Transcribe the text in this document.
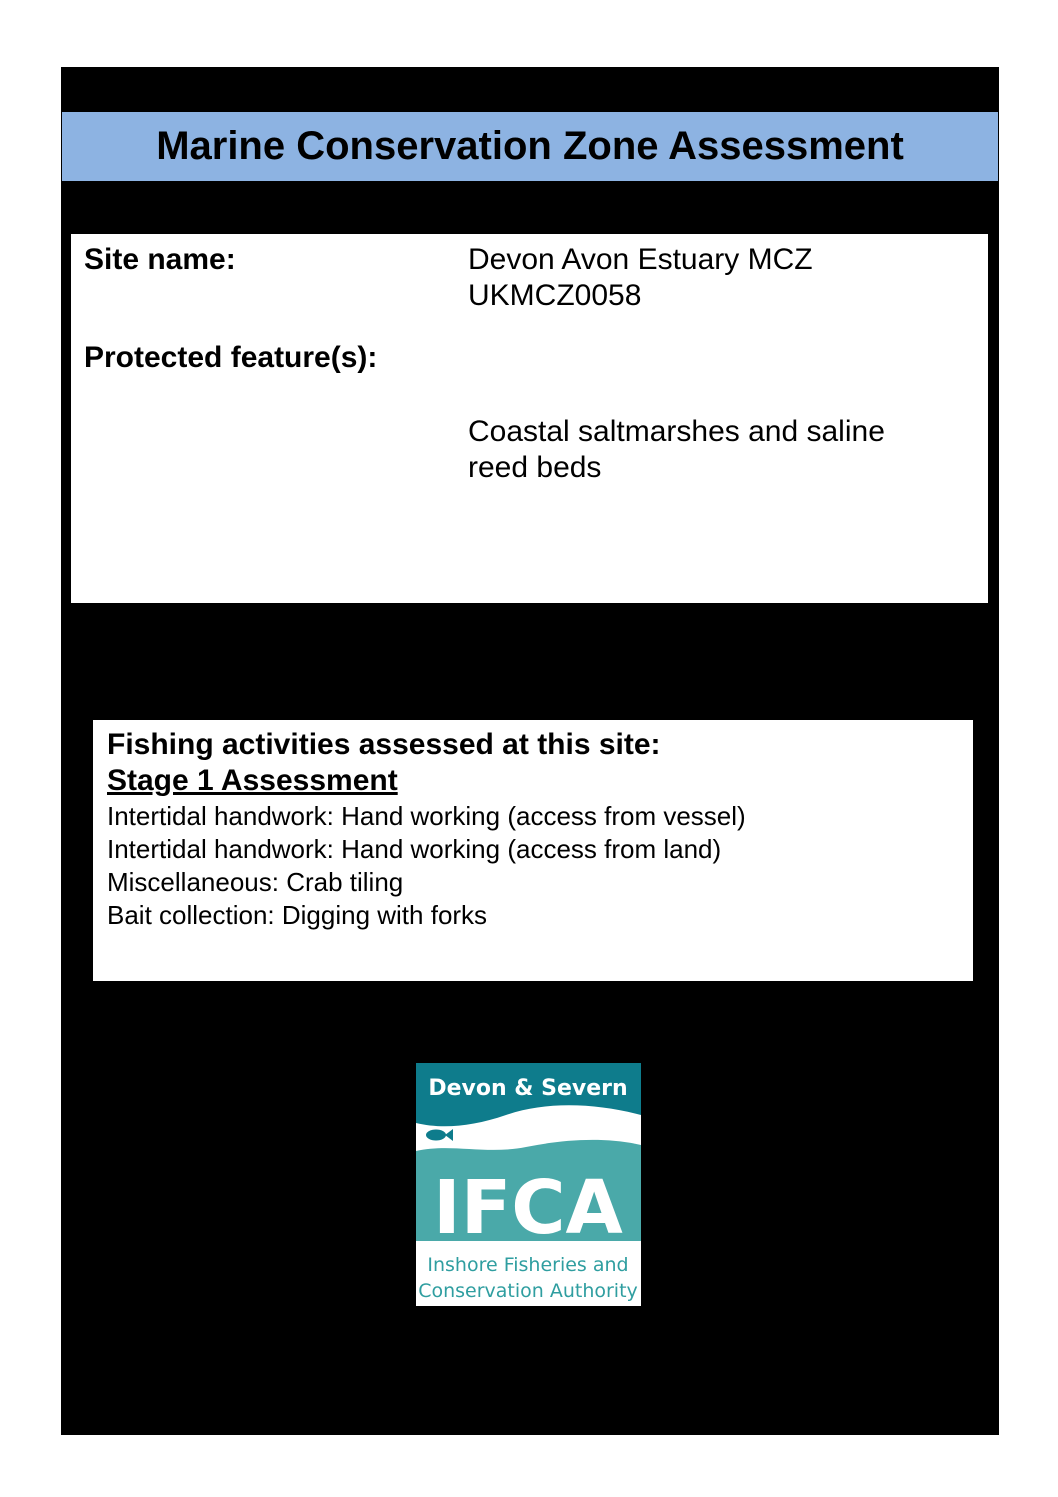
Marine Conservation Zone Assessment
Site name:	Devon Avon Estuary MCZ
UKMCZ0058
Protected feature(s):
Coastal saltmarshes and saline
reed beds
Fishing activities assessed at this site:
Stage 1 Assessment
Intertidal handwork: Hand working (access from vessel)
Intertidal handwork: Hand working (access from land)
Miscellaneous: Crab tiling
Bait collection: Digging with forks
Devon & Severn
IFCA
Inshore Fisheries and
Conservation Authority
